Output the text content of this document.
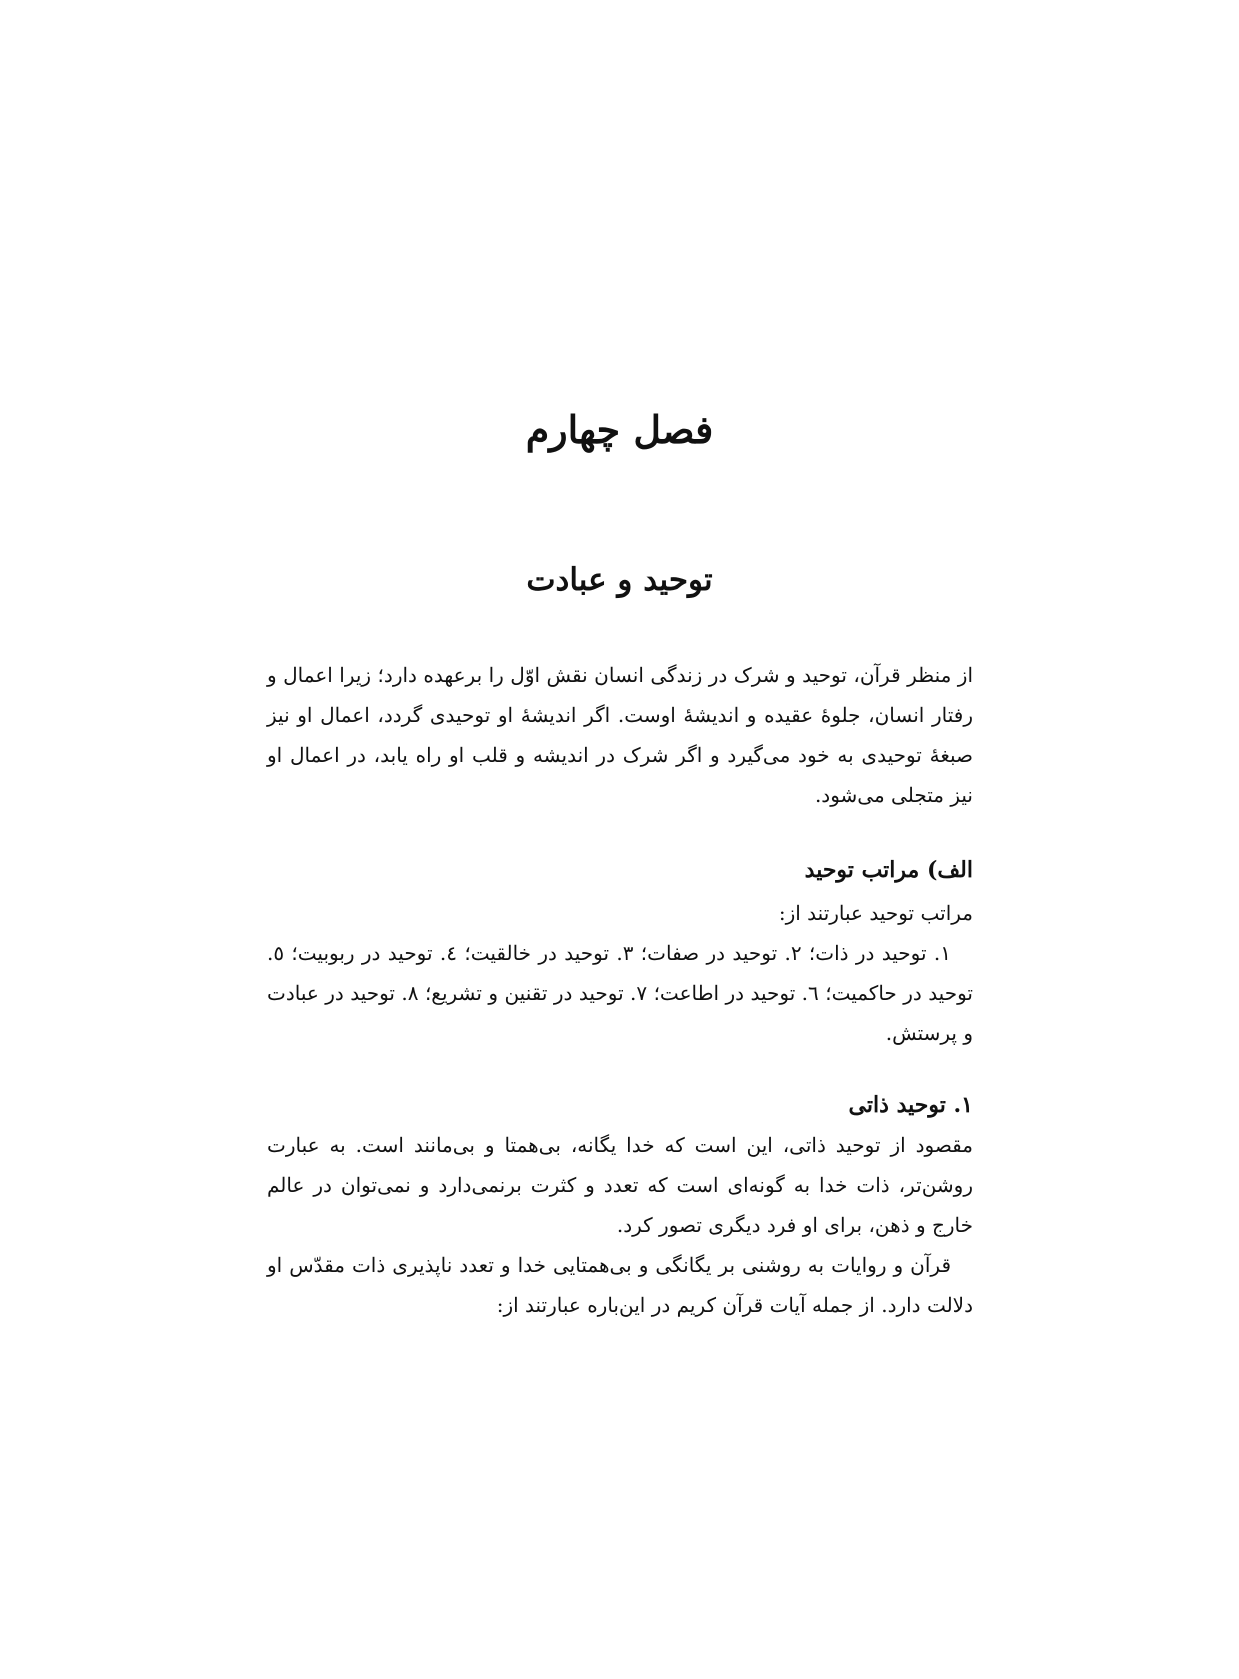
فصل چهارم
توحید و عبادت

از منظر قرآن، توحید و شرک در زندگی انسان نقش اوّل را برعهده دارد؛ زیرا اعمال و رفتار انسان، جلوۀ عقیده و اندیشۀ اوست. اگر اندیشۀ او توحیدی گردد، اعمال او نیز صبغۀ توحیدی به خود می‌گیرد و اگر شرک در اندیشه و قلب او راه یابد، در اعمال او نیز متجلی می‌شود.

الف) مراتب توحید

مراتب توحید عبارتند از:

۱. توحید در ذات؛ ۲. توحید در صفات؛ ۳. توحید در خالقیت؛ ٤. توحید در ربوبیت؛ ٥. توحید در حاکمیت؛ ٦. توحید در اطاعت؛ ۷. توحید در تقنین و تشریع؛ ۸. توحید در عبادت و پرستش.

۱. توحید ذاتی

مقصود از توحید ذاتی، این است که خدا یگانه، بی‌همتا و بی‌مانند است. به عبارت روشن‌تر، ذات خدا به گونه‌ای است که تعدد و کثرت برنمی‌دارد و نمی‌توان در عالم خارج و ذهن، برای او فرد دیگری تصور کرد.

قرآن و روایات به روشنی بر یگانگی و بی‌همتایی خدا و تعدد ناپذیری ذات مقدّس او دلالت دارد. از جمله آیات قرآن کریم در این‌باره عبارتند از:
